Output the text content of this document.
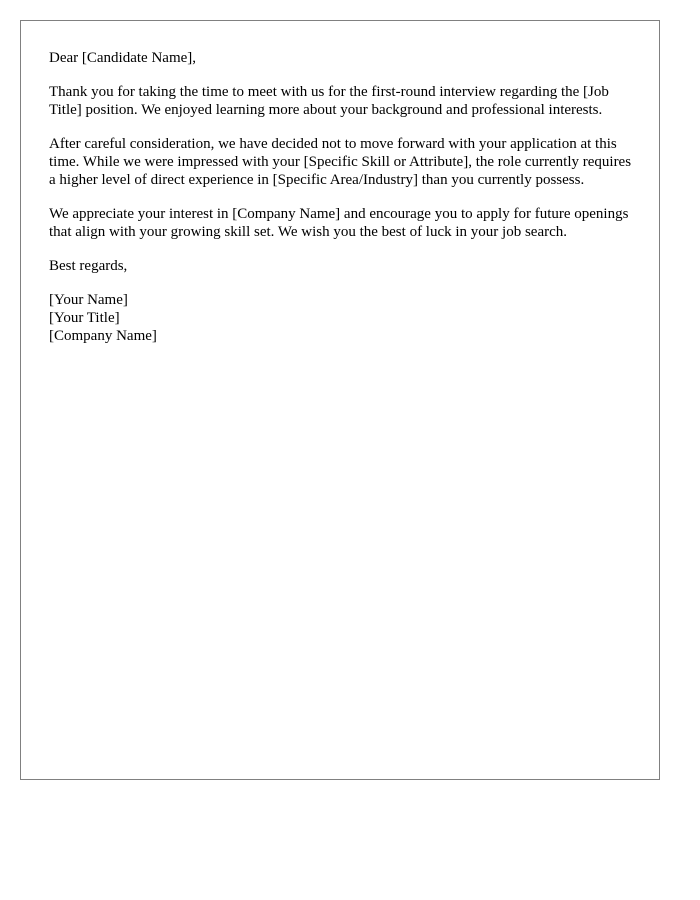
Dear [Candidate Name],

Thank you for taking the time to meet with us for the first-round interview regarding the [Job Title] position. We enjoyed learning more about your background and professional interests.

After careful consideration, we have decided not to move forward with your application at this time. While we were impressed with your [Specific Skill or Attribute], the role currently requires a higher level of direct experience in [Specific Area/Industry] than you currently possess.

We appreciate your interest in [Company Name] and encourage you to apply for future openings that align with your growing skill set. We wish you the best of luck in your job search.

Best regards,

[Your Name]
[Your Title]
[Company Name]
